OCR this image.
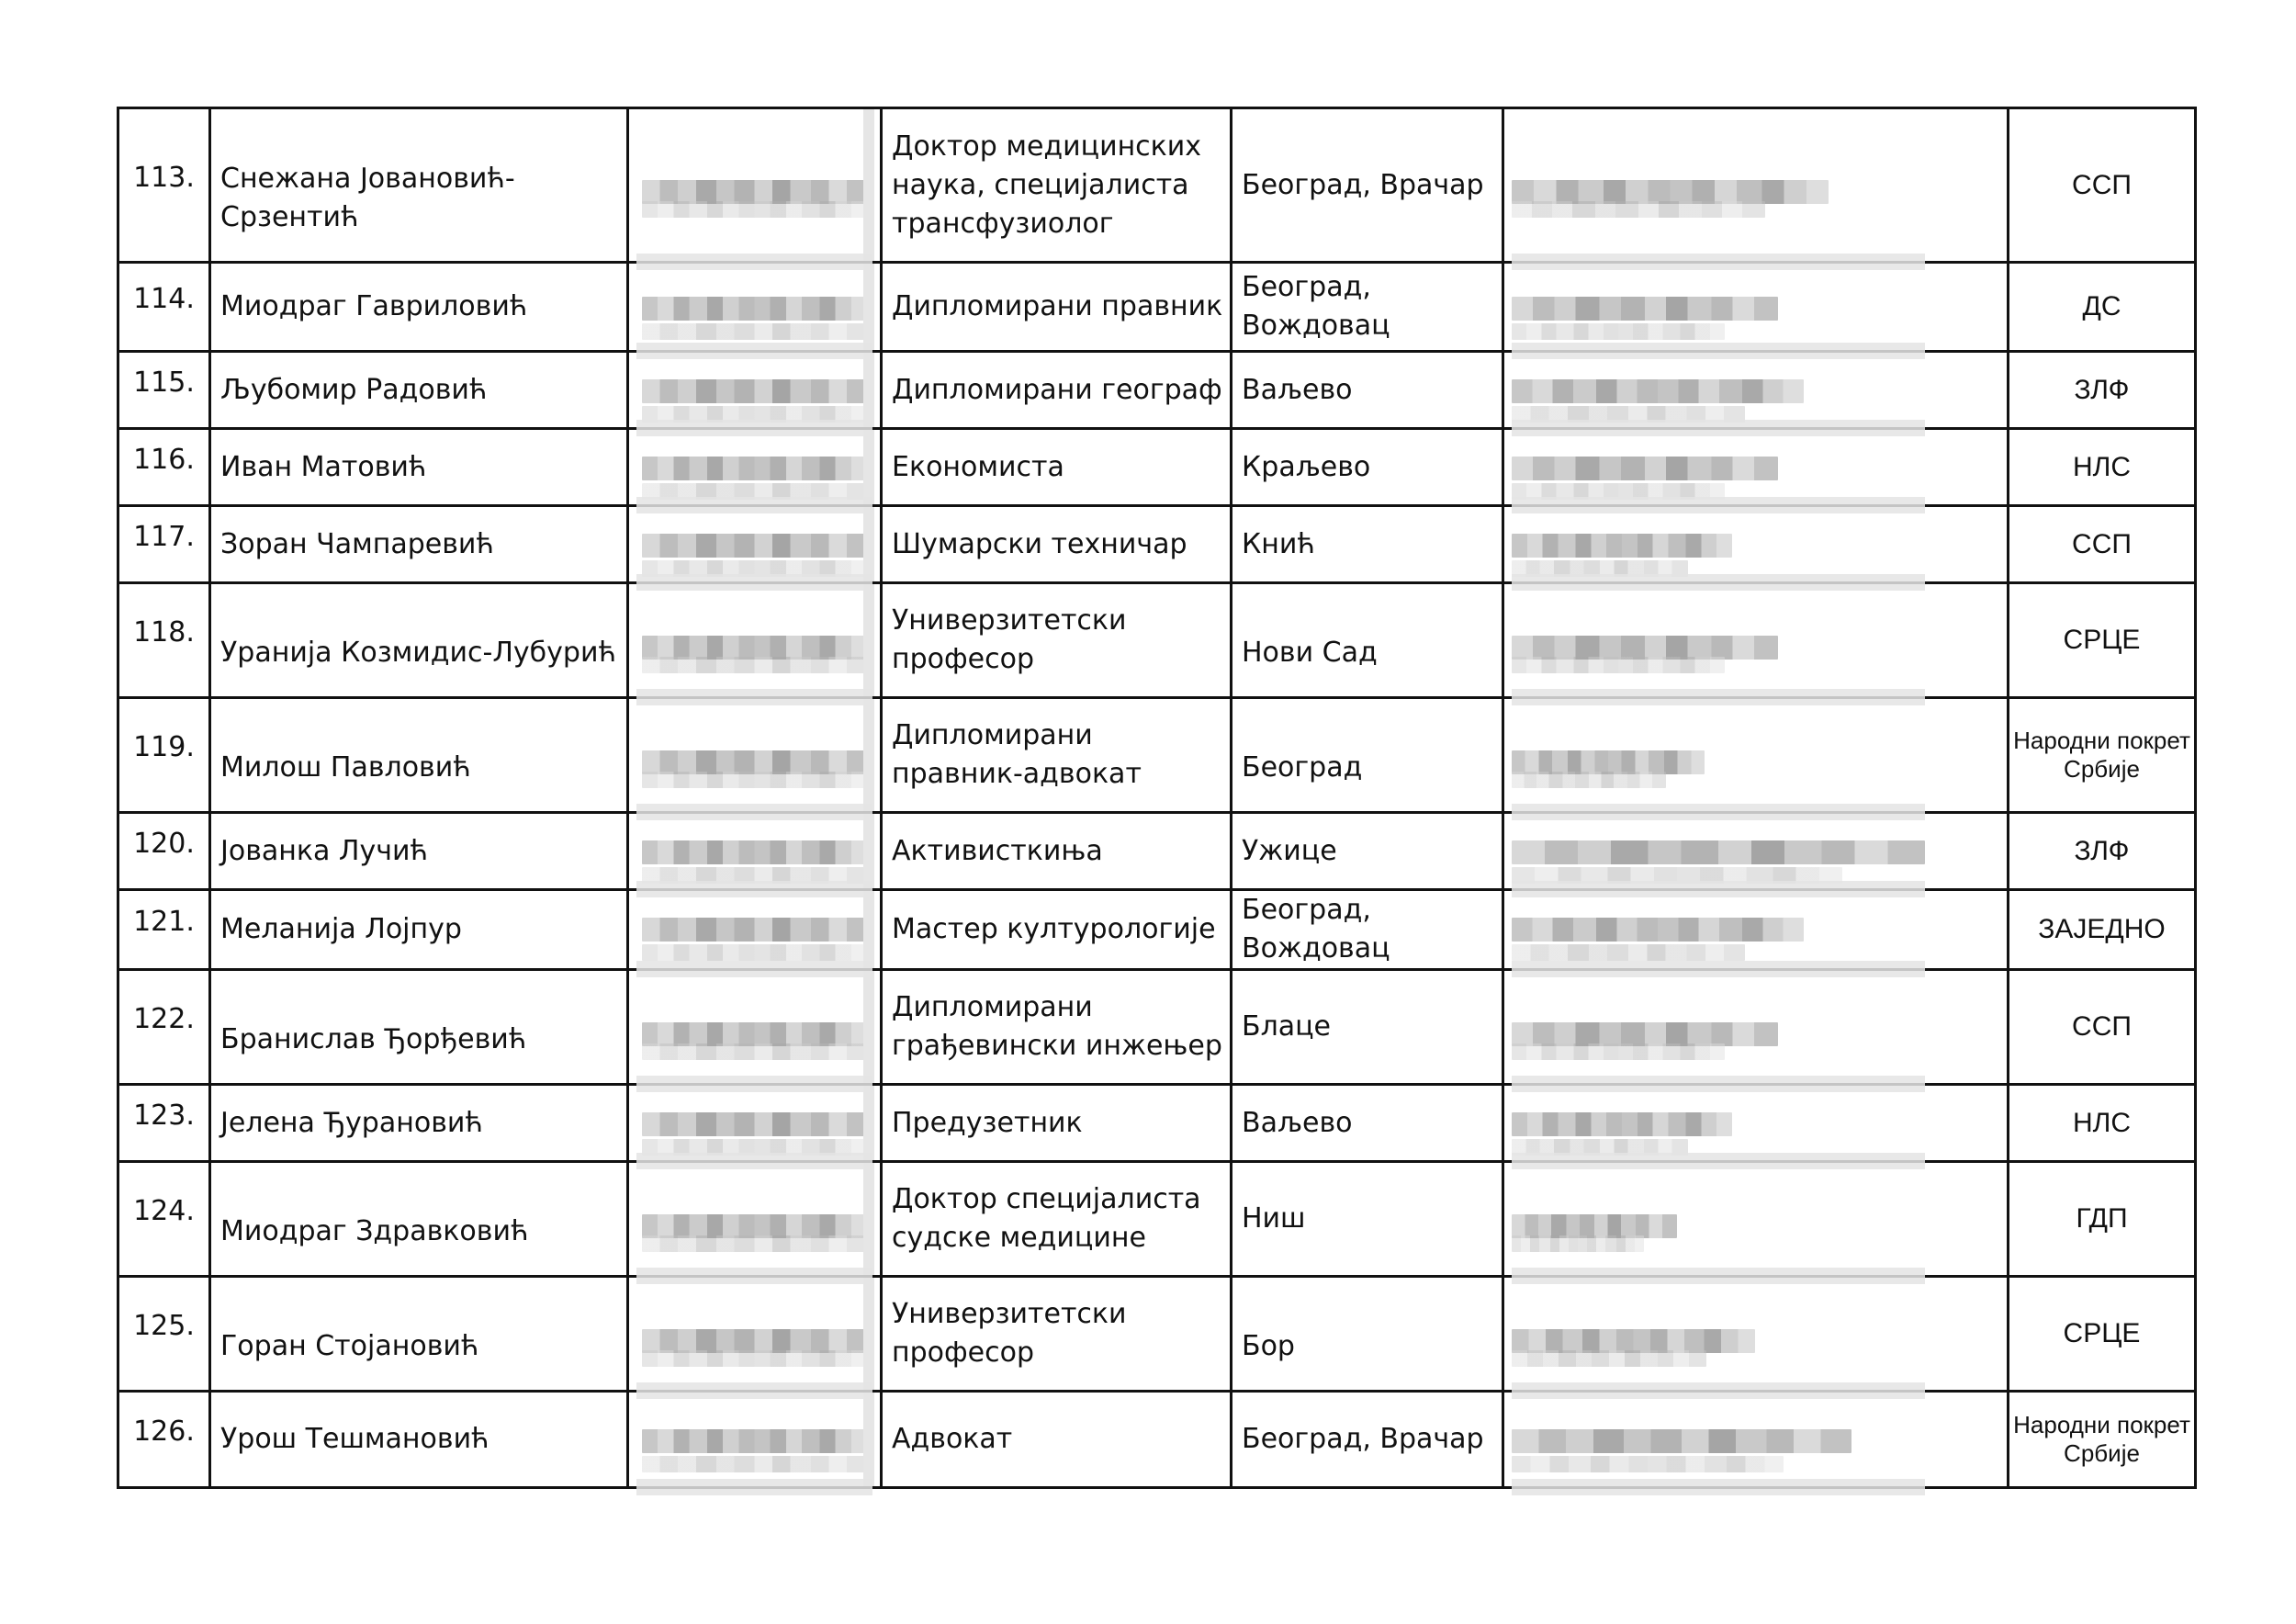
113.	Снежана Јовановић-Срзентић		Доктор медицинских наука, специјалиста трансфузиолог	Београд, Врачар		ССП
114.	Миодраг Гавриловић		Дипломирани правник	Београд, Вождовац		ДС
115.	Љубомир Радовић		Дипломирани географ	Ваљево		ЗЛФ
116.	Иван Матовић		Економиста	Краљево		НЛС
117.	Зоран Чампаревић		Шумарски техничар	Кнић		ССП
118.	Уранија Козмидис-Лубурић		Универзитетски професор	Нови Сад		СРЦЕ
119.	Милош Павловић		Дипломирани правник-адвокат	Београд		Народни покрет Србије
120.	Јованка Лучић		Активисткиња	Ужице		ЗЛФ
121.	Меланија Лојпур		Мастер културологије	Београд, Вождовац		ЗАЈЕДНО
122.	Бранислав Ђорђевић		Дипломирани грађевински инжењер	Блаце		ССП
123.	Јелена Ђурановић		Предузетник	Ваљево		НЛС
124.	Миодраг Здравковић		Доктор специјалиста судске медицине	Ниш		ГДП
125.	Горан Стојановић		Универзитетски професор	Бор		СРЦЕ
126.	Урош Тешмановић		Адвокат	Београд, Врачар		Народни покрет Србије
